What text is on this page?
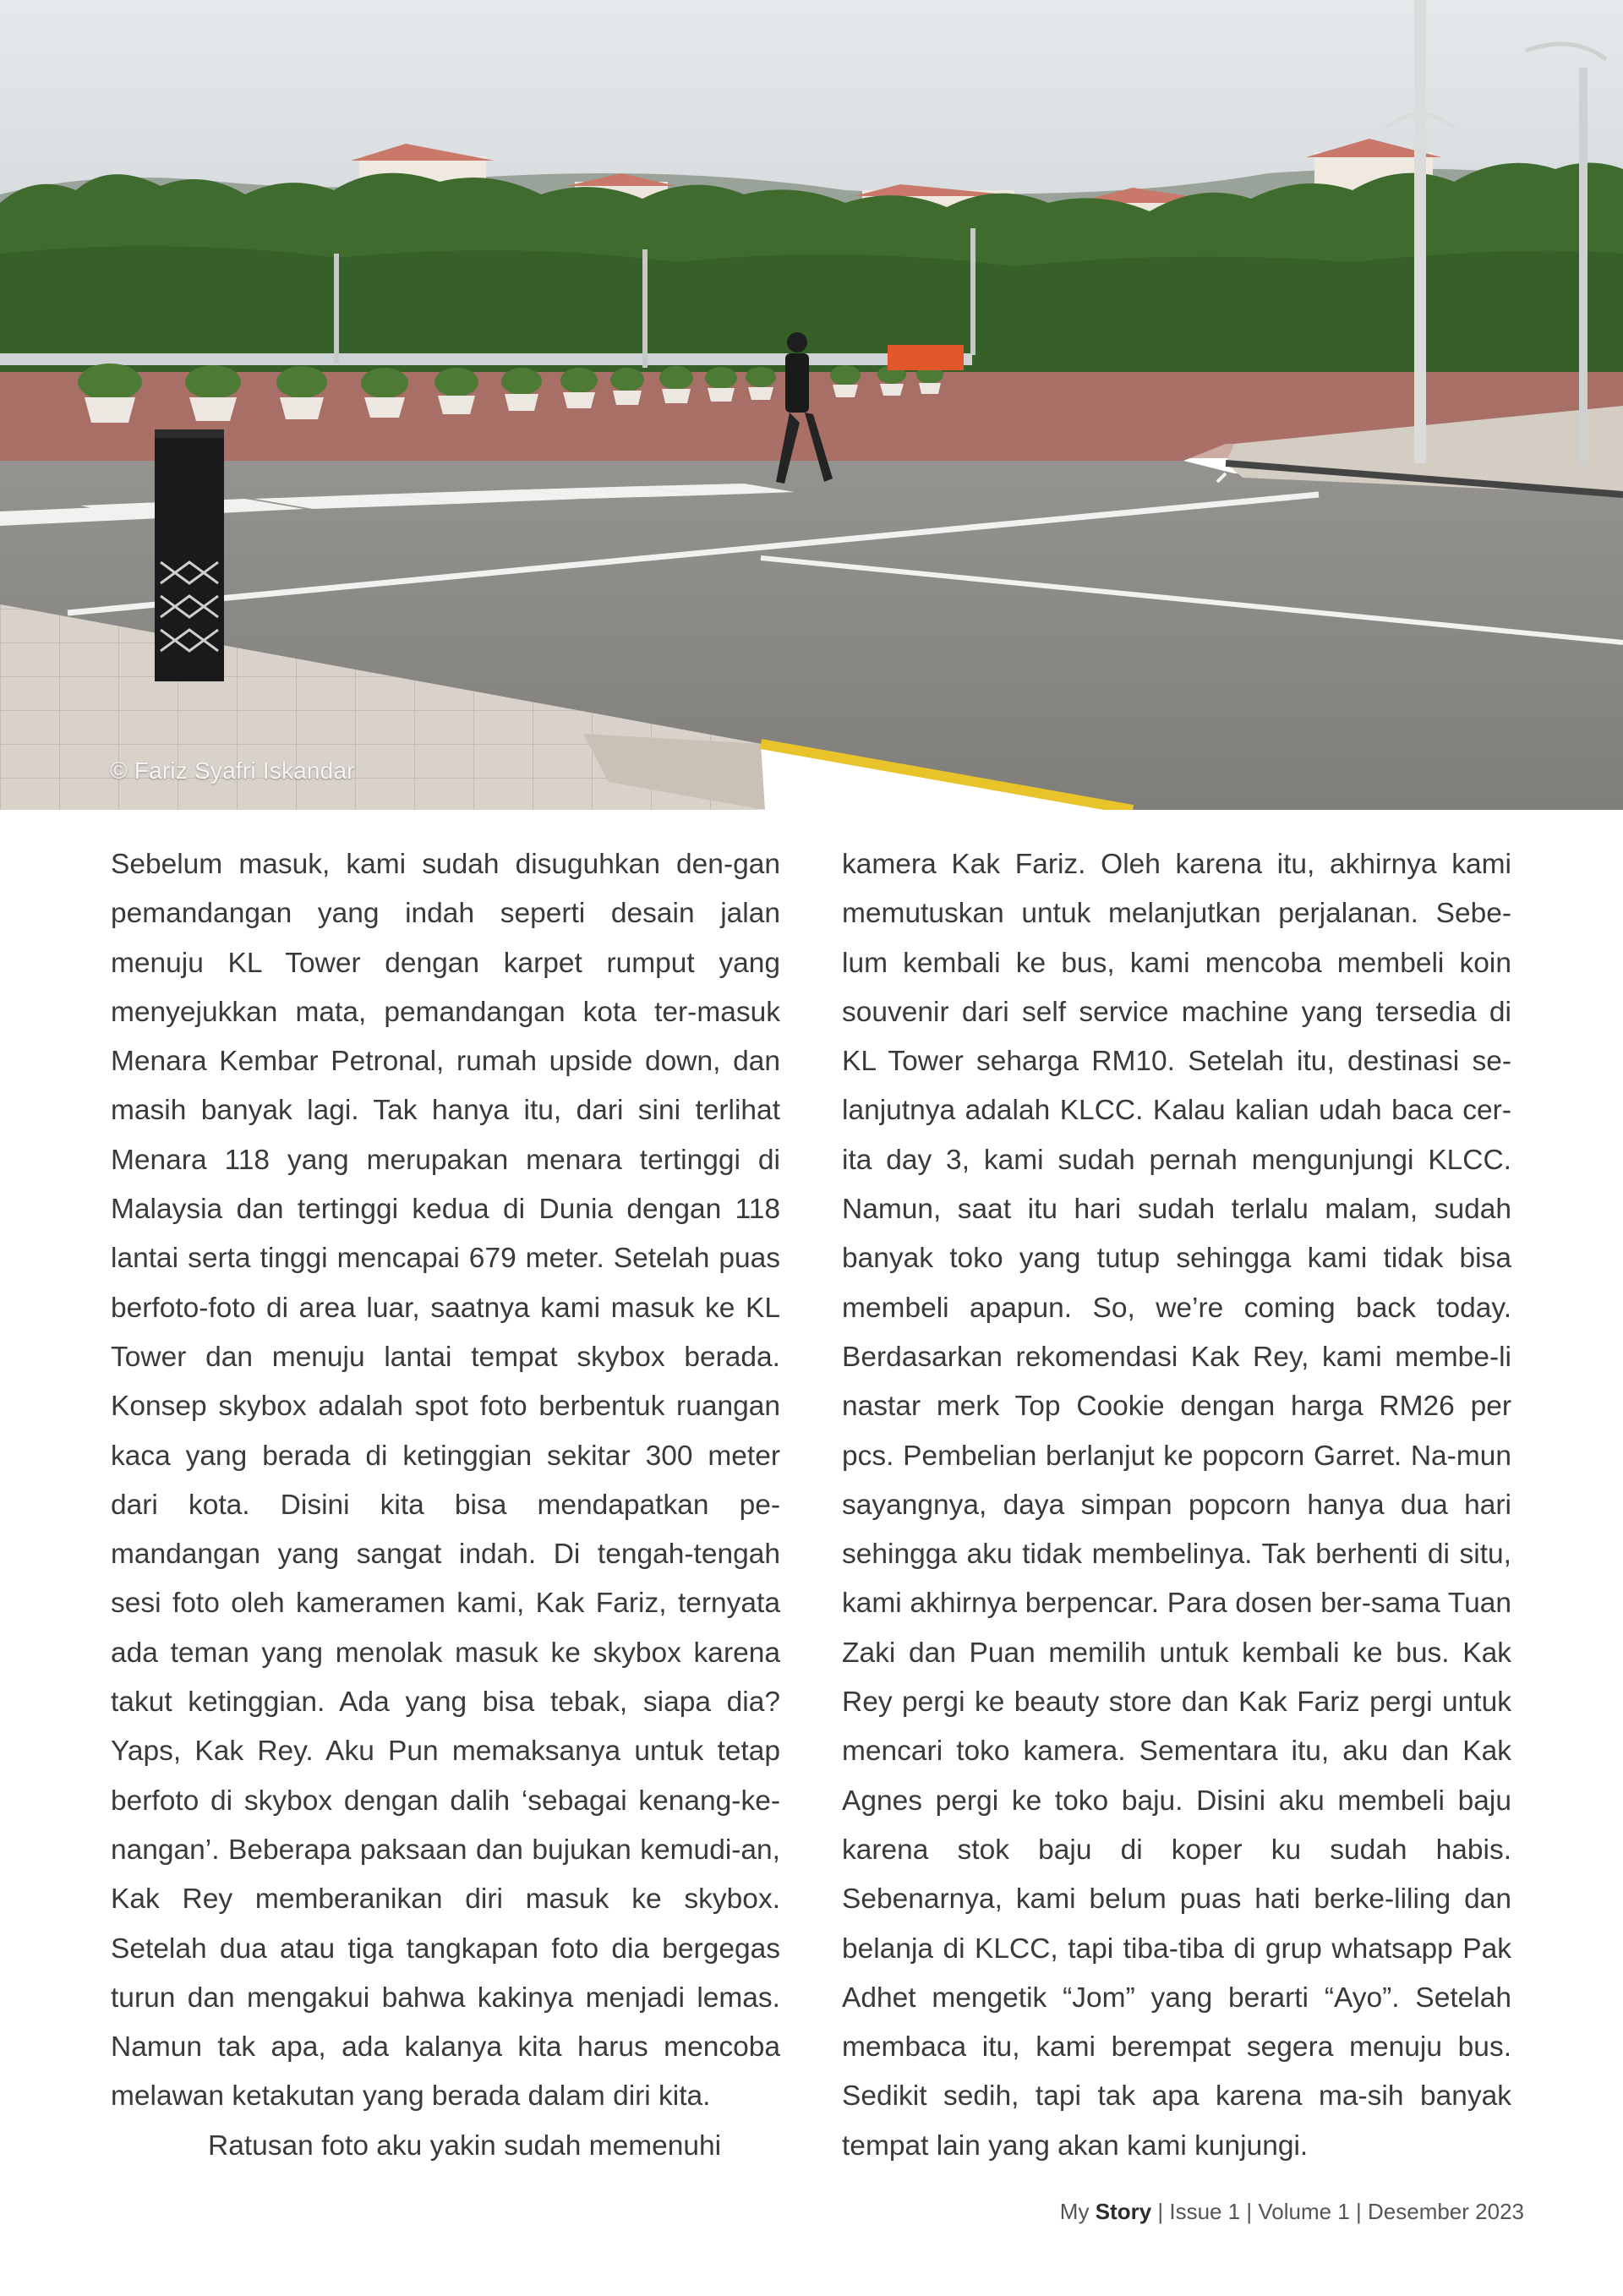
© Fariz Syafri Iskandar

Sebelum masuk, kami sudah disuguhkan den-gan pemandangan yang indah seperti desain jalan menuju KL Tower dengan karpet rumput yang menyejukkan mata, pemandangan kota ter-masuk Menara Kembar Petronal, rumah upside down, dan masih banyak lagi. Tak hanya itu, dari sini terlihat Menara 118 yang merupakan menara tertinggi di Malaysia dan tertinggi kedua di Dunia dengan 118 lantai serta tinggi mencapai 679 meter. Setelah puas berfoto-foto di area luar, saatnya kami masuk ke KL Tower dan menuju lantai tempat skybox berada. Konsep skybox adalah spot foto berbentuk ruangan kaca yang berada di ketinggian sekitar 300 meter dari kota. Disini kita bisa mendapatkan pe-mandangan yang sangat indah. Di tengah-tengah sesi foto oleh kameramen kami, Kak Fariz, ternyata ada teman yang menolak masuk ke skybox karena takut ketinggian. Ada yang bisa tebak, siapa dia? Yaps, Kak Rey. Aku Pun memaksanya untuk tetap berfoto di skybox dengan dalih ‘sebagai kenang-ke-nangan’. Beberapa paksaan dan bujukan kemudi-an, Kak Rey memberanikan diri masuk ke skybox. Setelah dua atau tiga tangkapan foto dia bergegas turun dan mengakui bahwa kakinya menjadi lemas. Namun tak apa, ada kalanya kita harus mencoba melawan ketakutan yang berada dalam diri kita.

Ratusan foto aku yakin sudah memenuhi

kamera Kak Fariz. Oleh karena itu, akhirnya kami memutuskan untuk melanjutkan perjalanan. Sebe-lum kembali ke bus, kami mencoba membeli koin souvenir dari self service machine yang tersedia di KL Tower seharga RM10. Setelah itu, destinasi se-lanjutnya adalah KLCC. Kalau kalian udah baca cer-ita day 3, kami sudah pernah mengunjungi KLCC. Namun, saat itu hari sudah terlalu malam, sudah banyak toko yang tutup sehingga kami tidak bisa membeli apapun. So, we’re coming back today. Berdasarkan rekomendasi Kak Rey, kami membe-li nastar merk Top Cookie dengan harga RM26 per pcs. Pembelian berlanjut ke popcorn Garret. Na-mun sayangnya, daya simpan popcorn hanya dua hari sehingga aku tidak membelinya. Tak berhenti di situ, kami akhirnya berpencar. Para dosen ber-sama Tuan Zaki dan Puan memilih untuk kembali ke bus. Kak Rey pergi ke beauty store dan Kak Fariz pergi untuk mencari toko kamera. Sementara itu, aku dan Kak Agnes pergi ke toko baju. Disini aku membeli baju karena stok baju di koper ku sudah habis. Sebenarnya, kami belum puas hati berke-liling dan belanja di KLCC, tapi tiba-tiba di grup whatsapp Pak Adhet mengetik “Jom” yang berarti “Ayo”. Setelah membaca itu, kami berempat segera menuju bus. Sedikit sedih, tapi tak apa karena ma-sih banyak tempat lain yang akan kami kunjungi.

My Story | Issue 1 | Volume 1 | Desember 2023
